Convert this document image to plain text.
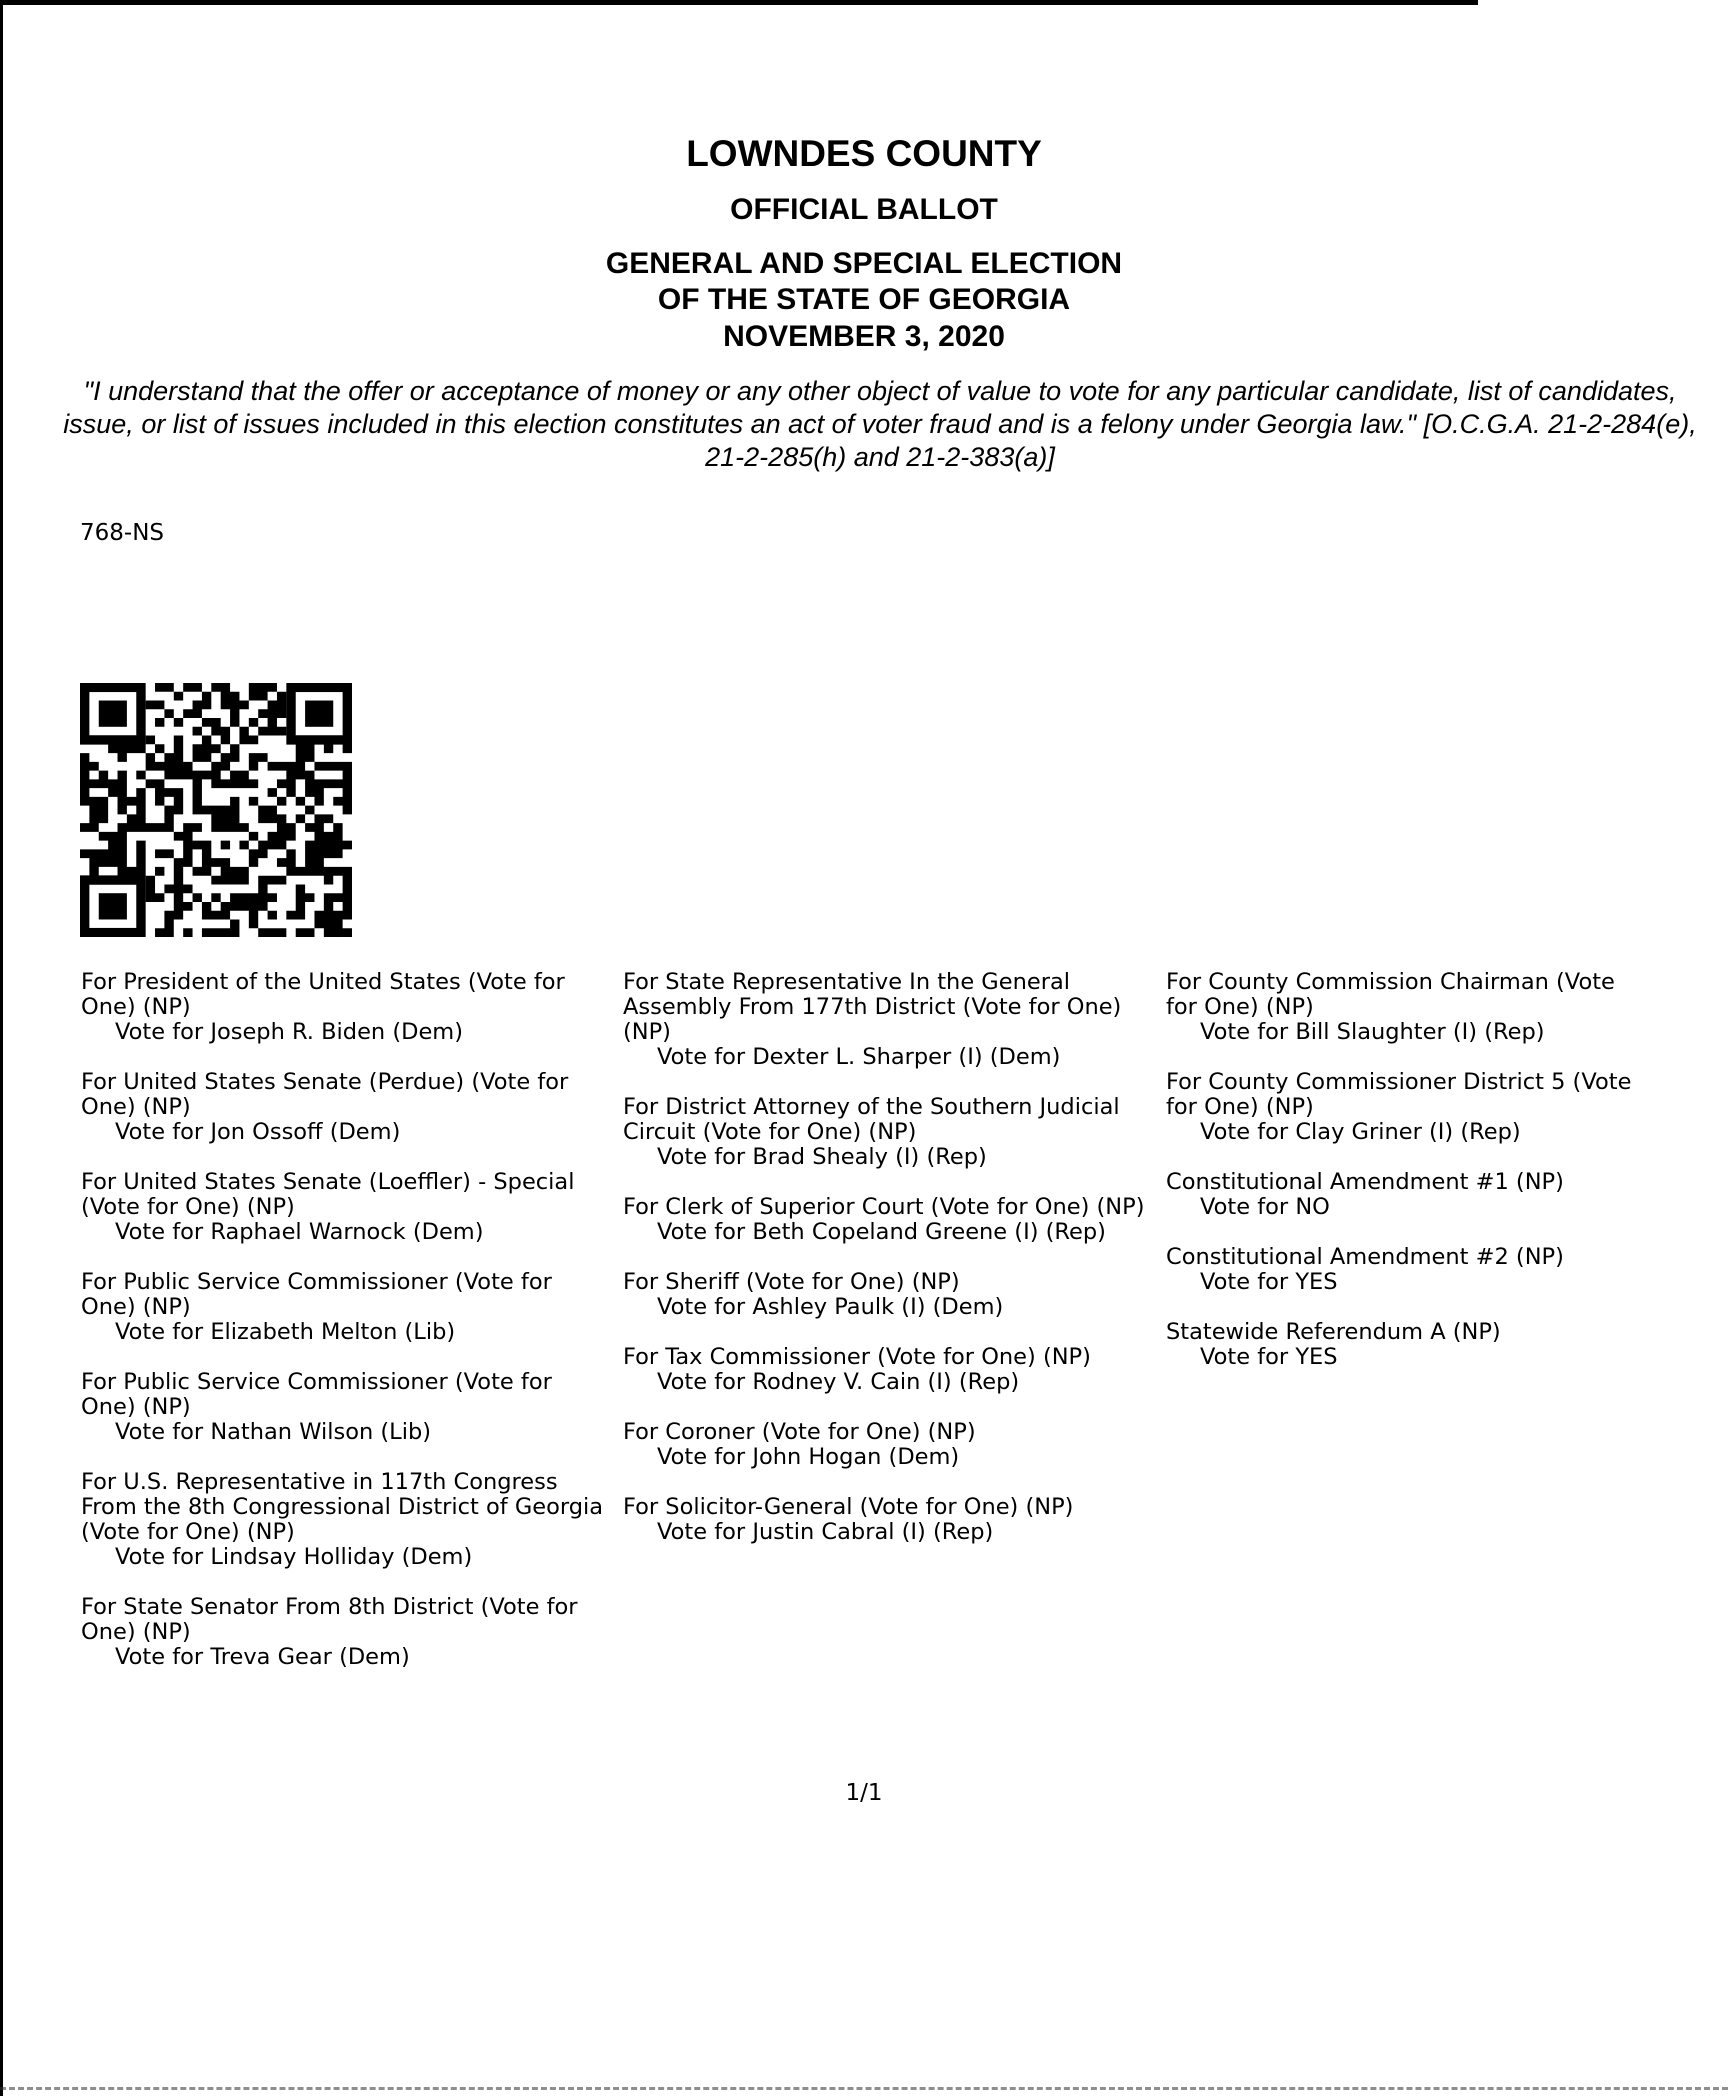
LOWNDES COUNTY
OFFICIAL BALLOT
GENERAL AND SPECIAL ELECTION
OF THE STATE OF GEORGIA
NOVEMBER 3, 2020
"I understand that the offer or acceptance of money or any other object of value to vote for any particular candidate, list of candidates, issue, or list of issues included in this election constitutes an act of voter fraud and is a felony under Georgia law." [O.C.G.A. 21-2-284(e), 21-2-285(h) and 21-2-383(a)]
768-NS
For President of the United States (Vote for One) (NP)
Vote for Joseph R. Biden (Dem)
For United States Senate (Perdue) (Vote for One) (NP)
Vote for Jon Ossoff (Dem)
For United States Senate (Loeffler) - Special (Vote for One) (NP)
Vote for Raphael Warnock (Dem)
For Public Service Commissioner (Vote for One) (NP)
Vote for Elizabeth Melton (Lib)
For Public Service Commissioner (Vote for One) (NP)
Vote for Nathan Wilson (Lib)
For U.S. Representative in 117th Congress From the 8th Congressional District of Georgia (Vote for One) (NP)
Vote for Lindsay Holliday (Dem)
For State Senator From 8th District (Vote for One) (NP)
Vote for Treva Gear (Dem)
For State Representative In the General Assembly From 177th District (Vote for One) (NP)
Vote for Dexter L. Sharper (I) (Dem)
For District Attorney of the Southern Judicial Circuit (Vote for One) (NP)
Vote for Brad Shealy (I) (Rep)
For Clerk of Superior Court (Vote for One) (NP)
Vote for Beth Copeland Greene (I) (Rep)
For Sheriff (Vote for One) (NP)
Vote for Ashley Paulk (I) (Dem)
For Tax Commissioner (Vote for One) (NP)
Vote for Rodney V. Cain (I) (Rep)
For Coroner (Vote for One) (NP)
Vote for John Hogan (Dem)
For Solicitor-General (Vote for One) (NP)
Vote for Justin Cabral (I) (Rep)
For County Commission Chairman (Vote
for One) (NP)
Vote for Bill Slaughter (I) (Rep)
For County Commissioner District 5 (Vote
for One) (NP)
Vote for Clay Griner (I) (Rep)
Constitutional Amendment #1 (NP)
Vote for NO
Constitutional Amendment #2 (NP)
Vote for YES
Statewide Referendum A (NP)
Vote for YES
1/1
